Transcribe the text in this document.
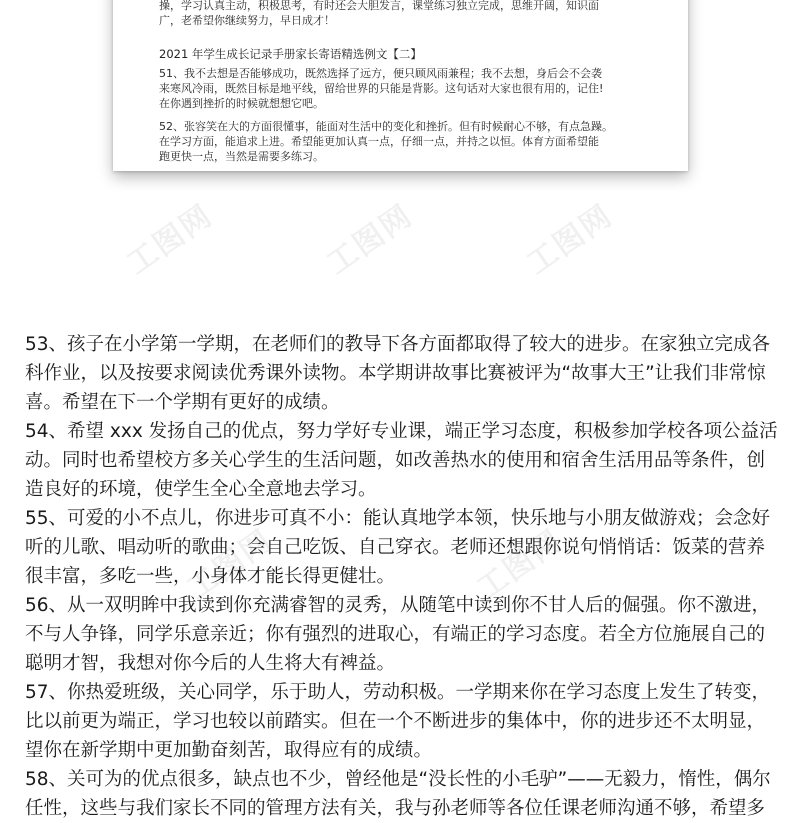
工图网	工图网	工图网
工图网	工图网
操，学习认真主动，积极思考，有时还会大胆发言，课堂练习独立完成，思维开阔，知识面
广，老希望你继续努力，早日成才！
2021 年学生成长记录手册家长寄语精选例文【二】
51、我不去想是否能够成功，既然选择了远方，便只顾风雨兼程；我不去想，身后会不会袭
来寒风冷雨，既然目标是地平线，留给世界的只能是背影。这句话对大家也很有用的，记住!
在你遇到挫折的时候就想想它吧。
52、张容笑在大的方面很懂事，能面对生活中的变化和挫折。但有时候耐心不够，有点急躁。
在学习方面，能追求上进。希望能更加认真一点，仔细一点，并持之以恒。体育方面希望能
跑更快一点，当然是需要多练习。
53、孩子在小学第一学期，在老师们的教导下各方面都取得了较大的进步。在家独立完成各
科作业，以及按要求阅读优秀课外读物。本学期讲故事比赛被评为“故事大王”让我们非常惊
喜。希望在下一个学期有更好的成绩。
54、希望 xxx 发扬自己的优点，努力学好专业课，端正学习态度，积极参加学校各项公益活
动。同时也希望校方多关心学生的生活问题，如改善热水的使用和宿舍生活用品等条件，创
造良好的环境，使学生全心全意地去学习。
55、可爱的小不点儿，你进步可真不小：能认真地学本领，快乐地与小朋友做游戏；会念好
听的儿歌、唱动听的歌曲；会自己吃饭、自己穿衣。老师还想跟你说句悄悄话：饭菜的营养
很丰富，多吃一些，小身体才能长得更健壮。
56、从一双明眸中我读到你充满睿智的灵秀，从随笔中读到你不甘人后的倔强。你不激进，
不与人争锋，同学乐意亲近；你有强烈的进取心，有端正的学习态度。若全方位施展自己的
聪明才智，我想对你今后的人生将大有裨益。
57、你热爱班级，关心同学，乐于助人，劳动积极。一学期来你在学习态度上发生了转变，
比以前更为端正，学习也较以前踏实。但在一个不断进步的集体中，你的进步还不太明显，
望你在新学期中更加勤奋刻苦，取得应有的成绩。
58、关可为的优点很多，缺点也不少，曾经他是“没长性的小毛驴”——无毅力，惰性，偶尔
任性，这些与我们家长不同的管理方法有关，我与孙老师等各位任课老师沟通不够，希望多
